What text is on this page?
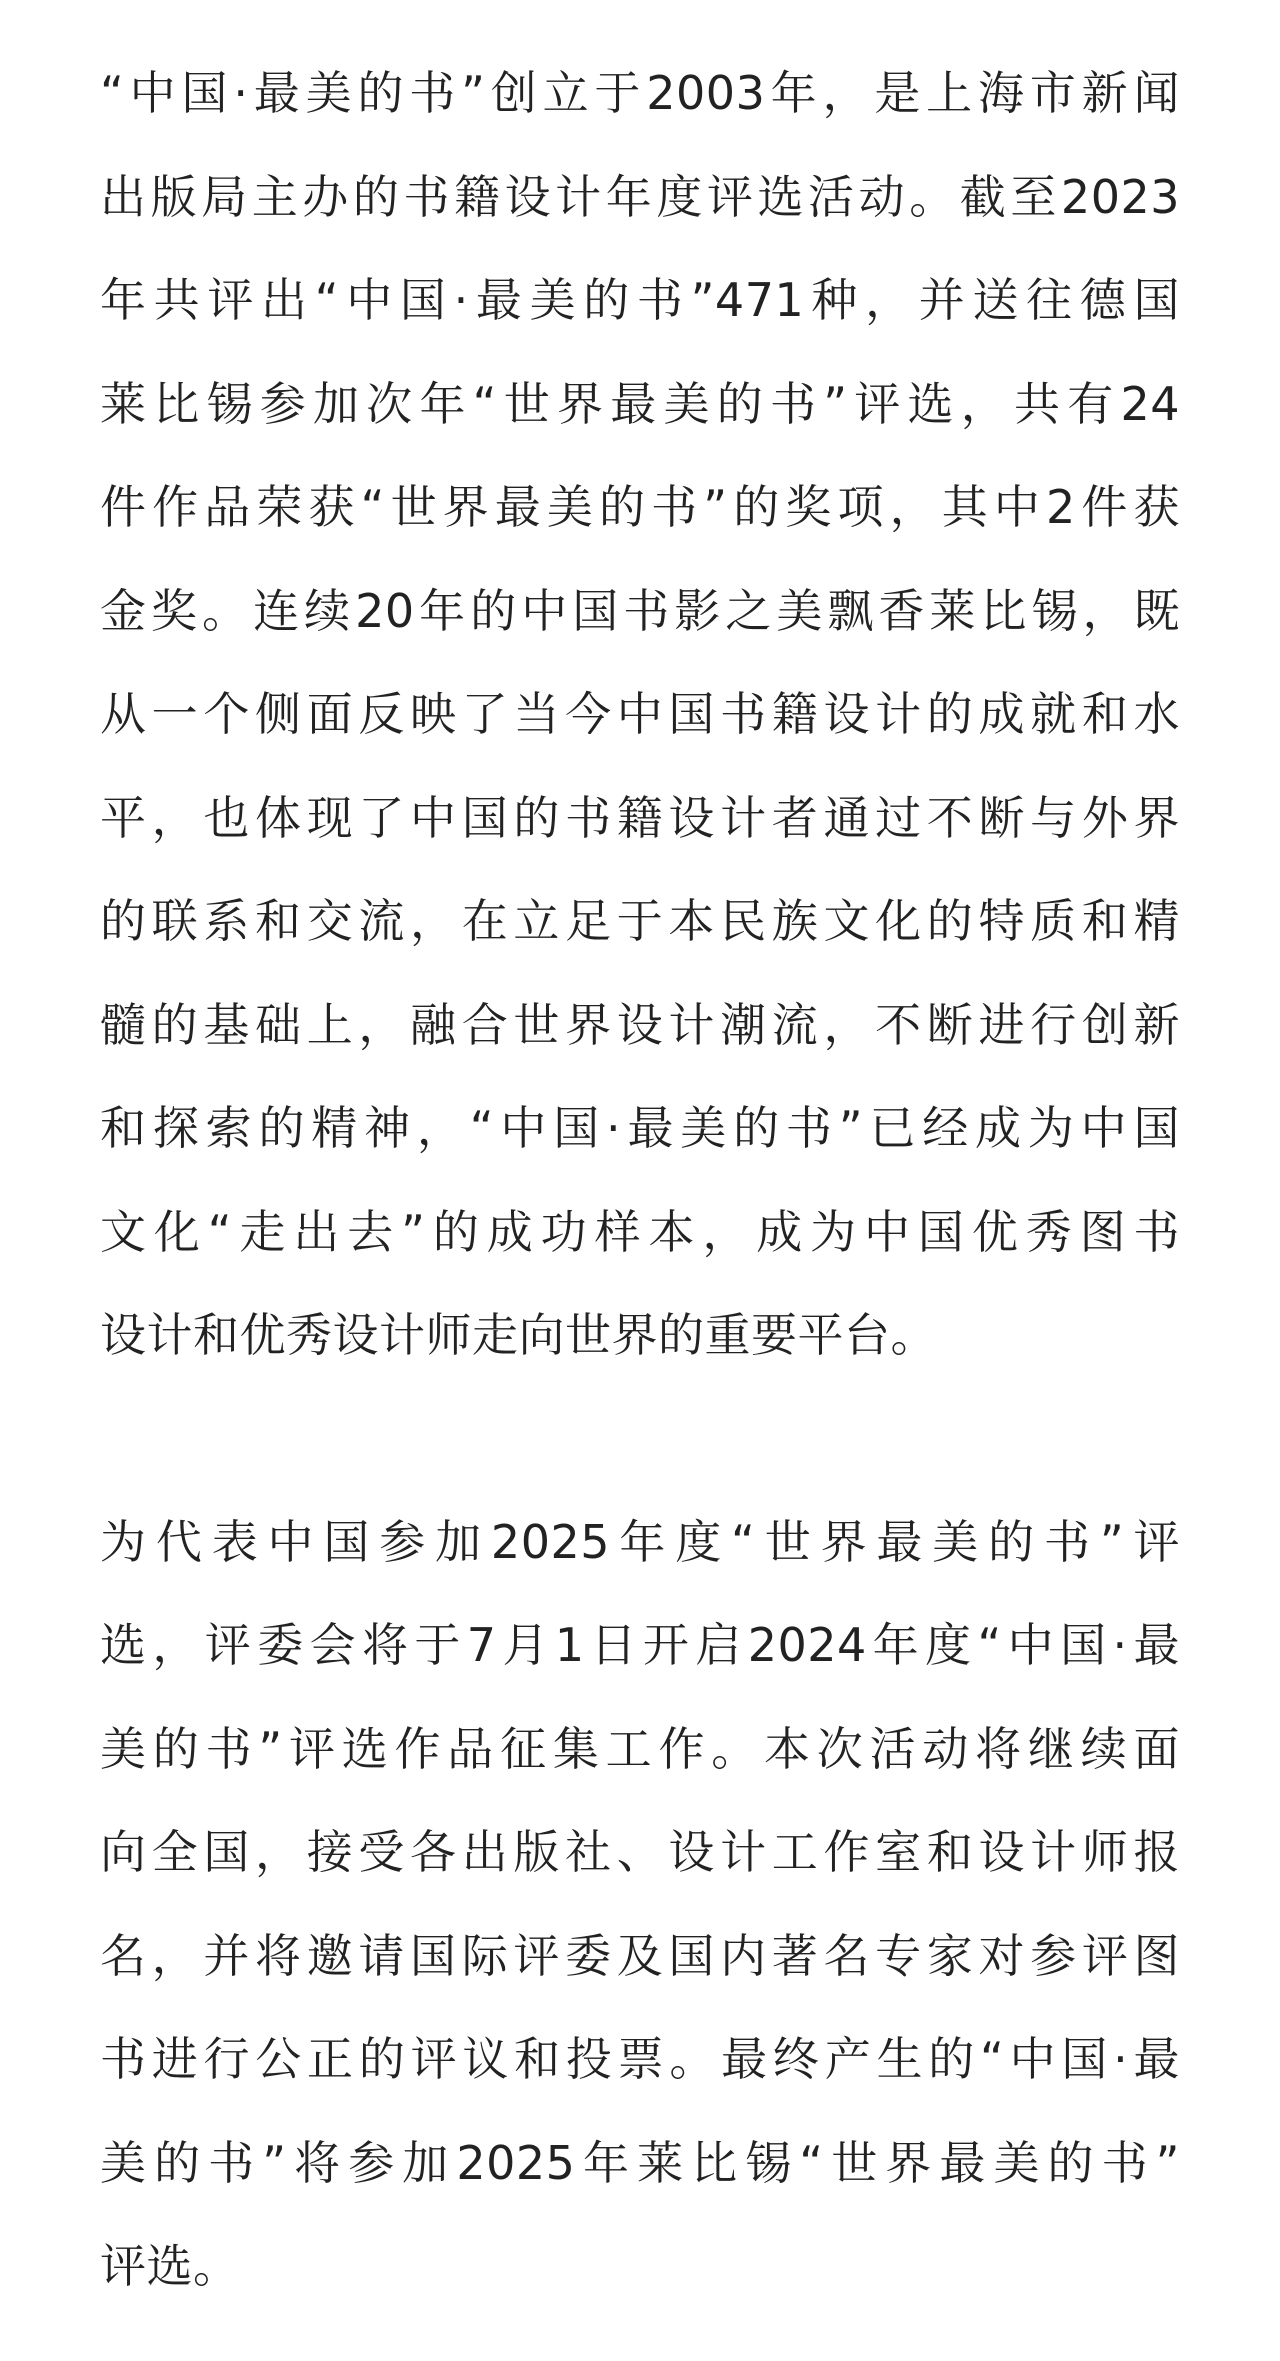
“中国·最美的书”创立于2003年，是上海市新闻
出版局主办的书籍设计年度评选活动。截至2023
年共评出“中国·最美的书”471种，并送往德国
莱比锡参加次年“世界最美的书”评选，共有24
件作品荣获“世界最美的书”的奖项，其中2件获
金奖。连续20年的中国书影之美飘香莱比锡，既
从一个侧面反映了当今中国书籍设计的成就和水
平，也体现了中国的书籍设计者通过不断与外界
的联系和交流，在立足于本民族文化的特质和精
髓的基础上，融合世界设计潮流，不断进行创新
和探索的精神，“中国·最美的书”已经成为中国
文化“走出去”的成功样本，成为中国优秀图书
设计和优秀设计师走向世界的重要平台。

为代表中国参加2025年度“世界最美的书”评
选，评委会将于7月1日开启2024年度“中国·最
美的书”评选作品征集工作。本次活动将继续面
向全国，接受各出版社、设计工作室和设计师报
名，并将邀请国际评委及国内著名专家对参评图
书进行公正的评议和投票。最终产生的“中国·最
美的书”将参加2025年莱比锡“世界最美的书”
评选。
